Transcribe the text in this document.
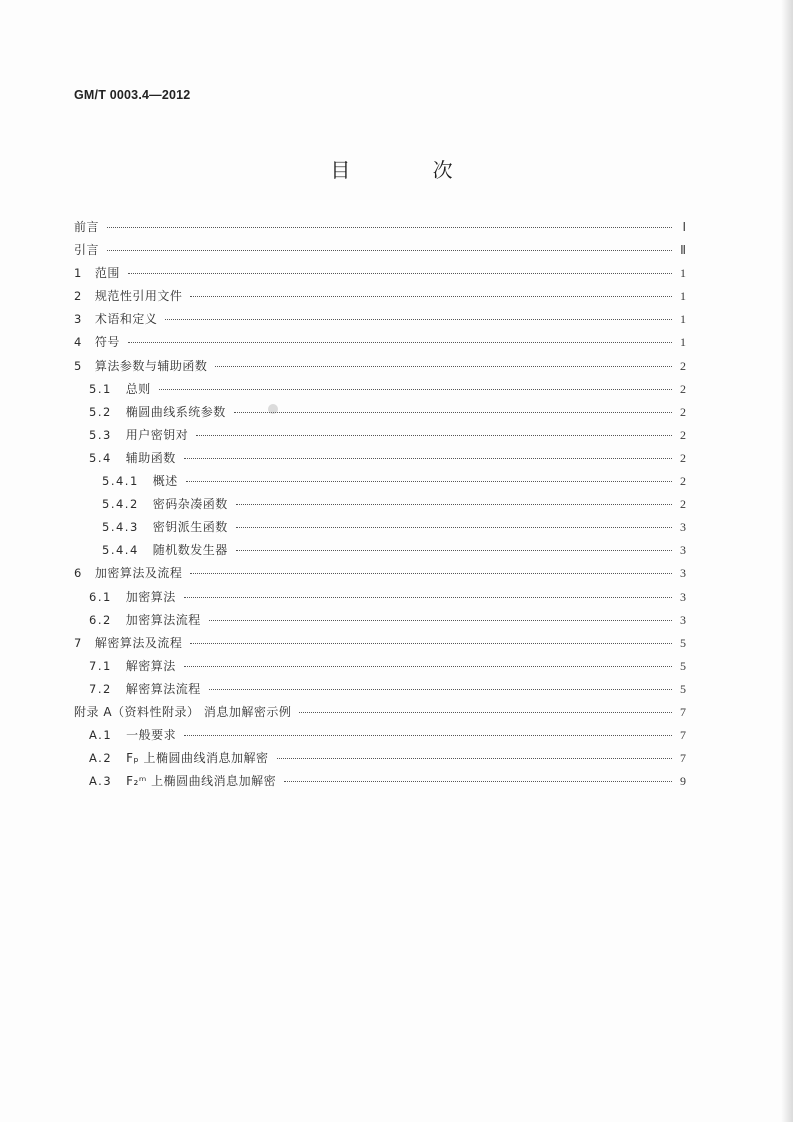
GM/T 0003.4—2012
目 次
前言	Ⅰ
引言	Ⅱ
1 范围	1
2 规范性引用文件	1
3 术语和定义	1
4 符号	1
5 算法参数与辅助函数	2
5.1 总则	2
5.2 椭圆曲线系统参数	2
5.3 用户密钥对	2
5.4 辅助函数	2
5.4.1 概述	2
5.4.2 密码杂凑函数	2
5.4.3 密钥派生函数	3
5.4.4 随机数发生器	3
6 加密算法及流程	3
6.1 加密算法	3
6.2 加密算法流程	3
7 解密算法及流程	5
7.1 解密算法	5
7.2 解密算法流程	5
附录 A（资料性附录） 消息加解密示例	7
A.1 一般要求	7
A.2 Fₚ 上椭圆曲线消息加解密	7
A.3 F₂ᵐ 上椭圆曲线消息加解密	9
